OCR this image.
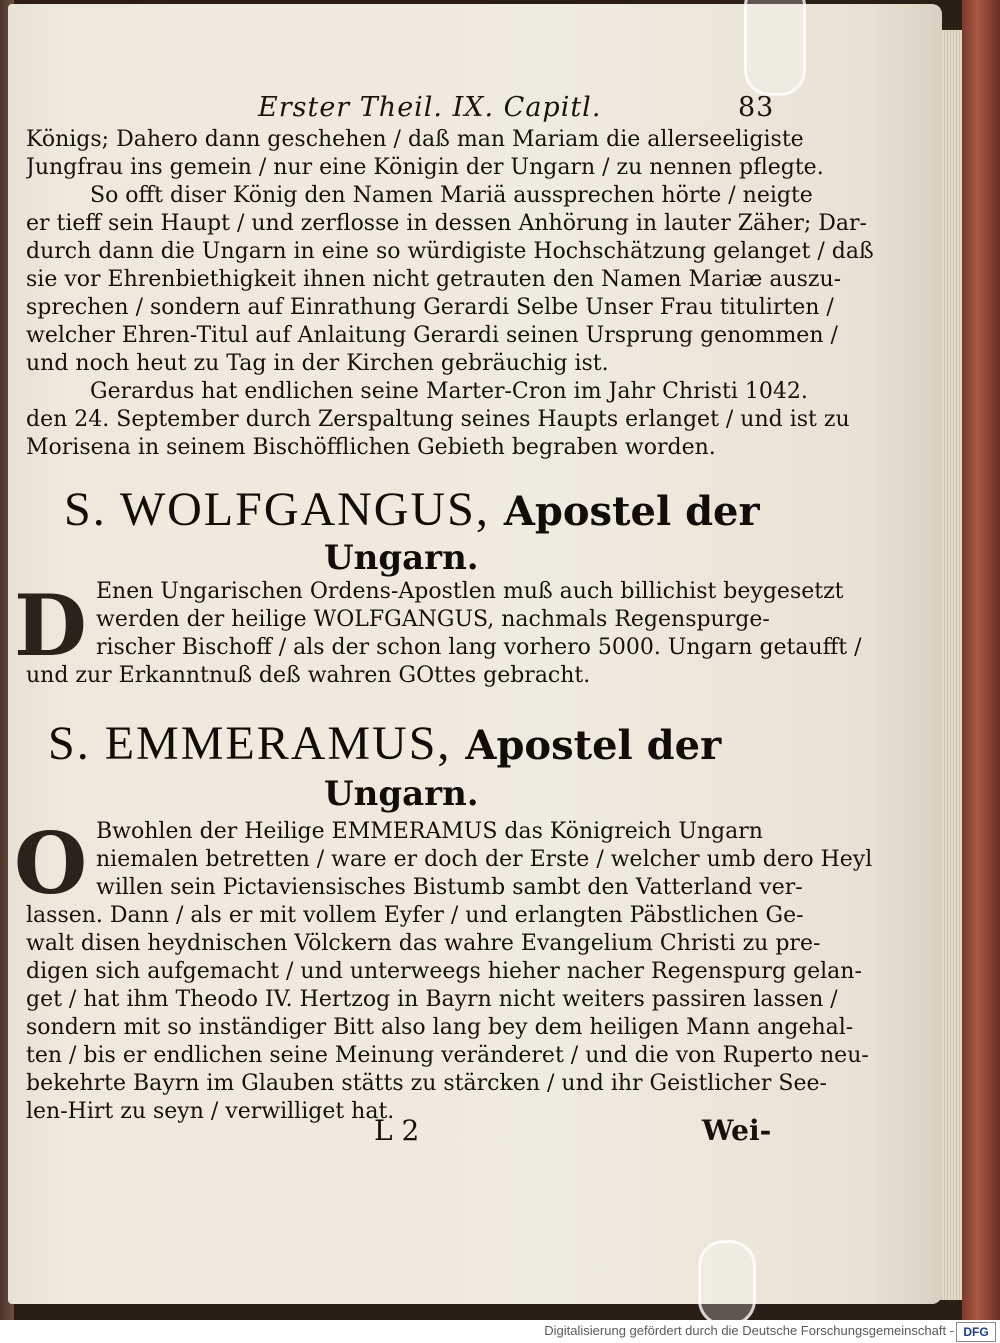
Erster Theil. IX. Capitl.	83
Königs; Dahero dann geschehen / daß man Mariam die allerseeligiste
Jungfrau ins gemein / nur eine Königin der Ungarn / zu nennen pflegte.
So offt diser König den Namen Mariä aussprechen hörte / neigte
er tieff sein Haupt / und zerflosse in dessen Anhörung in lauter Zäher; Dar-
durch dann die Ungarn in eine so würdigiste Hochschätzung gelanget / daß
sie vor Ehrenbiethigkeit ihnen nicht getrauten den Namen Mariæ auszu-
sprechen / sondern auf Einrathung Gerardi Selbe Unser Frau titulirten /
welcher Ehren-Titul auf Anlaitung Gerardi seinen Ursprung genommen /
und noch heut zu Tag in der Kirchen gebräuchig ist.
Gerardus hat endlichen seine Marter-Cron im Jahr Christi 1042.
den 24. September durch Zerspaltung seines Haupts erlanget / und ist zu
Morisena in seinem Bischöfflichen Gebieth begraben worden.
S. WOLFGANGUS, Apostel der
Ungarn.
D Enen Ungarischen Ordens-Apostlen muß auch billichist beygesetzt
werden der heilige WOLFGANGUS, nachmals Regenspurge-
rischer Bischoff / als der schon lang vorhero 5000. Ungarn getaufft /
und zur Erkanntnuß deß wahren GOttes gebracht.
S. EMMERAMUS, Apostel der
Ungarn.
O Bwohlen der Heilige EMMERAMUS das Königreich Ungarn
niemalen betretten / ware er doch der Erste / welcher umb dero Heyl
willen sein Pictaviensisches Bistumb sambt den Vatterland ver-
lassen. Dann / als er mit vollem Eyfer / und erlangten Päbstlichen Ge-
walt disen heydnischen Völckern das wahre Evangelium Christi zu pre-
digen sich aufgemacht / und unterweegs hieher nacher Regenspurg gelan-
get / hat ihm Theodo IV. Hertzog in Bayrn nicht weiters passiren lassen /
sondern mit so inständiger Bitt also lang bey dem heiligen Mann angehal-
ten / bis er endlichen seine Meinung veränderet / und die von Ruperto neu-
bekehrte Bayrn im Glauben stätts zu stärcken / und ihr Geistlicher See-
len-Hirt zu seyn / verwilliget hat.
L 2	Wei-
Digitalisierung gefördert durch die Deutsche Forschungsgemeinschaft - DFG
